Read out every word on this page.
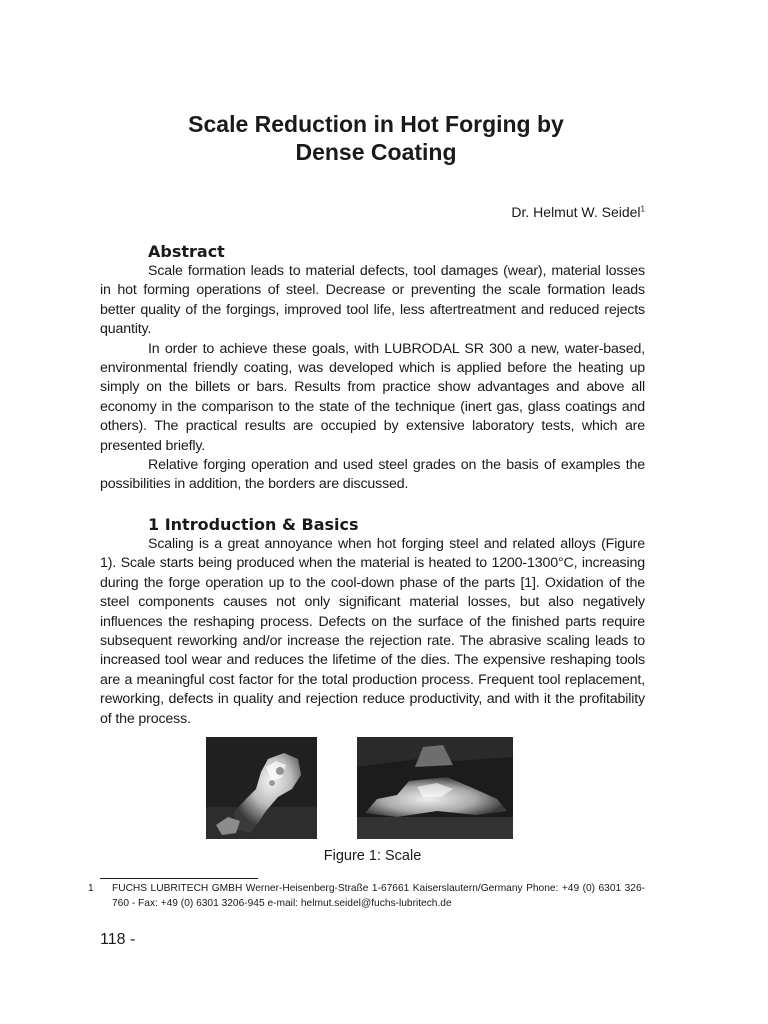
Scale Reduction in Hot Forging by
Dense Coating
Dr. Helmut W. Seidel$^1$
Abstract

Scale formation leads to material defects, tool damages (wear), material losses in hot forming operations of steel. Decrease or preventing the scale formation leads better quality of the forgings, improved tool life, less aftertreatment and reduced rejects quantity.

In order to achieve these goals, with LUBRODAL SR 300 a new, water-based, environmental friendly coating, was developed which is applied before the heating up simply on the billets or bars. Results from practice show advantages and above all economy in the comparison to the state of the technique (inert gas, glass coatings and others). The practical results are occupied by extensive laboratory tests, which are presented briefly.

Relative forging operation and used steel grades on the basis of examples the possibilities in addition, the borders are discussed.

1 Introduction & Basics

Scaling is a great annoyance when hot forging steel and related alloys (Figure 1). Scale starts being produced when the material is heated to 1200-1300°C, increasing during the forge operation up to the cool-down phase of the parts [1]. Oxidation of the steel components causes not only significant material losses, but also negatively influences the reshaping process. Defects on the surface of the finished parts require subsequent reworking and/or increase the rejection rate. The abrasive scaling leads to increased tool wear and reduces the lifetime of the dies. The expensive reshaping tools are a meaningful cost factor for the total production process. Frequent tool replacement, reworking, defects in quality and rejection reduce productivity, and with it the profitability of the process.

Figure 1: Scale
1 FUCHS LUBRITECH GMBH Werner-Heisenberg-Straße 1-67661 Kaiserslautern/Germany Phone: +49 (0) 6301 326-760 - Fax: +49 (0) 6301 3206-945 e-mail: helmut.seidel@fuchs-lubritech.de
118 -
